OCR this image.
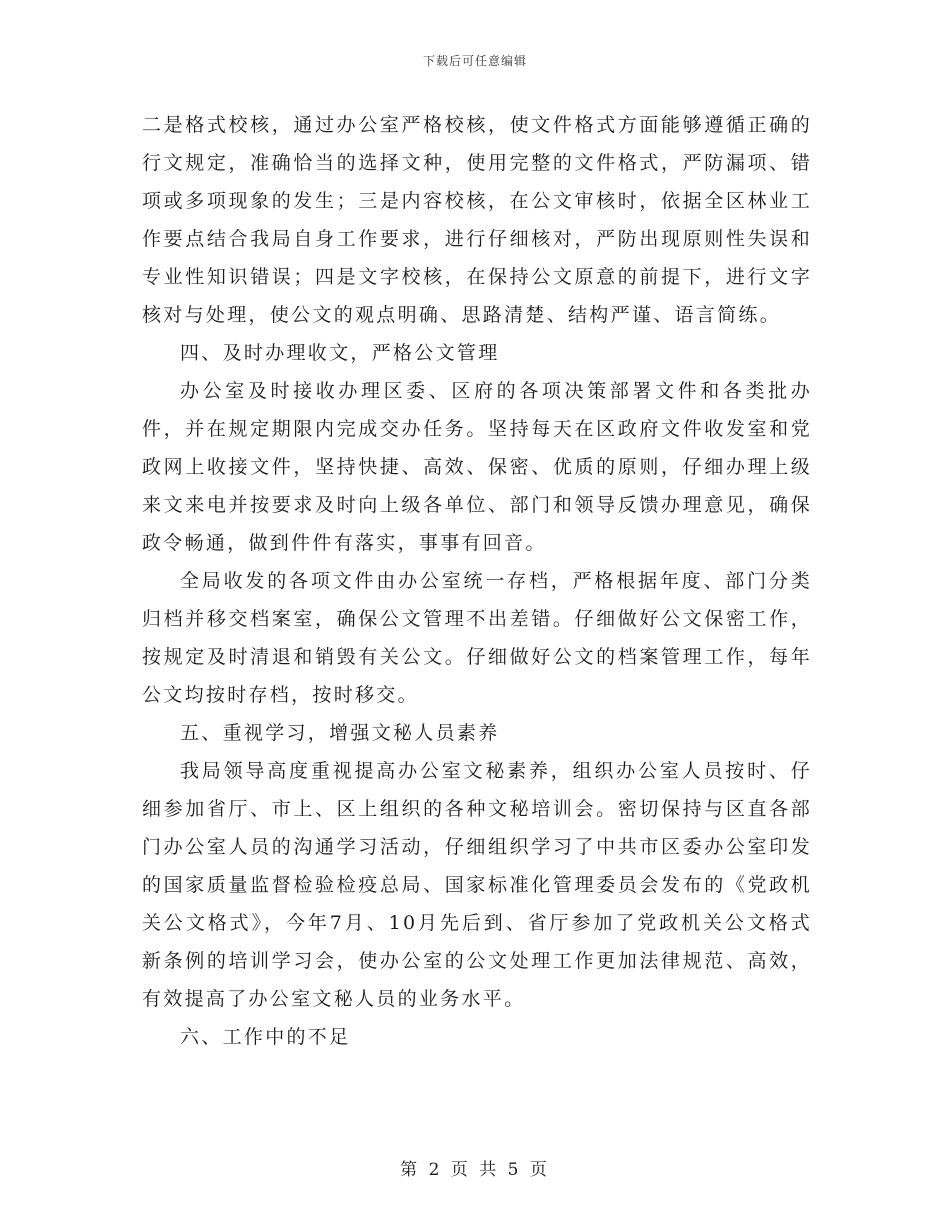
下载后可任意编辑

二是格式校核，通过办公室严格校核，使文件格式方面能够遵循正确的行文规定，准确恰当的选择文种，使用完整的文件格式，严防漏项、错项或多项现象的发生；三是内容校核，在公文审核时，依据全区林业工作要点结合我局自身工作要求，进行仔细核对，严防出现原则性失误和专业性知识错误；四是文字校核，在保持公文原意的前提下，进行文字核对与处理，使公文的观点明确、思路清楚、结构严谨、语言简练。

四、及时办理收文，严格公文管理

办公室及时接收办理区委、区府的各项决策部署文件和各类批办件，并在规定期限内完成交办任务。坚持每天在区政府文件收发室和党政网上收接文件，坚持快捷、高效、保密、优质的原则，仔细办理上级来文来电并按要求及时向上级各单位、部门和领导反馈办理意见，确保政令畅通，做到件件有落实，事事有回音。

全局收发的各项文件由办公室统一存档，严格根据年度、部门分类归档并移交档案室，确保公文管理不出差错。仔细做好公文保密工作，按规定及时清退和销毁有关公文。仔细做好公文的档案管理工作，每年公文均按时存档，按时移交。

五、重视学习，增强文秘人员素养

我局领导高度重视提高办公室文秘素养，组织办公室人员按时、仔细参加省厅、市上、区上组织的各种文秘培训会。密切保持与区直各部门办公室人员的沟通学习活动，仔细组织学习了中共市区委办公室印发的国家质量监督检验检疫总局、国家标准化管理委员会发布的《党政机关公文格式》，今年7月、10月先后到、省厅参加了党政机关公文格式新条例的培训学习会，使办公室的公文处理工作更加法律规范、高效，有效提高了办公室文秘人员的业务水平。

六、工作中的不足

第 2 页 共 5 页
